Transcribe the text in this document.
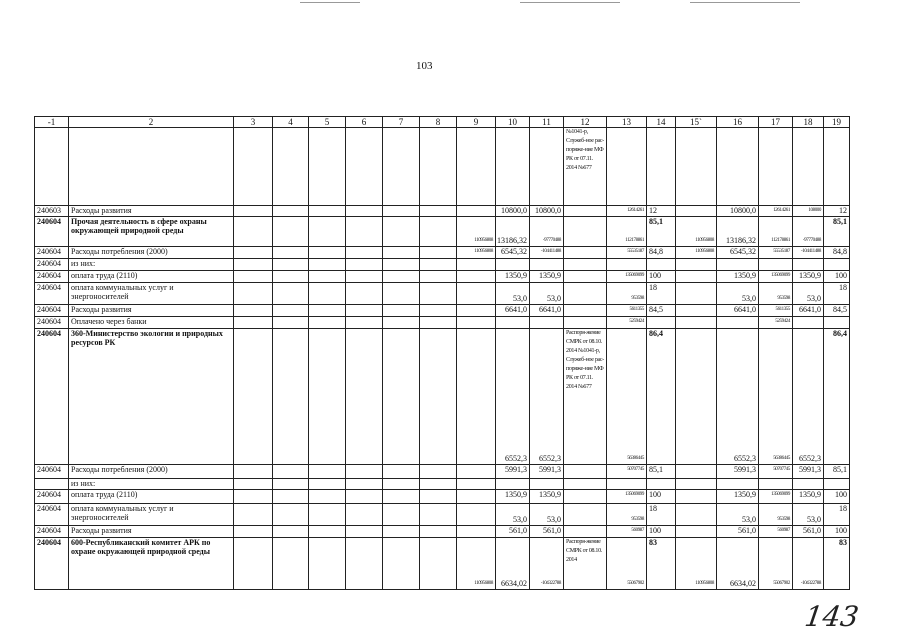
103
143
-1	2	3	4	5	6	7	8	9	10	11	12	13	14	15`	16	17	18	19
											№1041-р, Служеб-ное рас-поряже-ние МФ РК от 07.11. 2014 №677							
240603	Расходы развития								10800,0	10800,0		12614261	12		10800,0	12614261	108000	12
240604	Прочая деятельность в сфере охраны окружающей природной среды							110956808	13186,32	-97770488		112178861	85,1	110956808	13186,32	112178861	-97770488	85,1
240604	Расходы потребления (2000)							110956808	6545,32	-104411488		55535187	84,8	110956808	6545,32	55535187	-104411488	84,8
240604	из них:																	
240604	оплата труда (2110)								1350,9	1350,9		135069099	100		1350,9	135069099	1350,9	100
240604	оплата коммунальных услуг и энергоносителей								53,0	53,0		953598	18		53,0	953598	53,0	18
240604	Расходы развития								6641,0	6641,0		5611355	84,5		6641,0	5611355	6641,0	84,5
240604	Оплачено через банки											5259424				5259424		
240604	360-Министерство экологии и природных ресурсов РК								6552,3	6552,3	Распоря-жение СМРК от 08.10. 2014 №1041-р, Служеб-ное рас-поряже-ние МФ РК от 07.11. 2014 №677	56386445	86,4		6552,3	56386445	6552,3	86,4
240604	Расходы потребления (2000)								5991,3	5991,3		50707745	85,1		5991,3	50707745	5991,3	85,1
	из них:																	
240604	оплата труда (2110)								1350,9	1350,9		135069099	100		1350,9	135069099	1350,9	100
240604	оплата коммунальных услуг и энергоносителей								53,0	53,0		953598	18		53,0	953598	53,0	18
240604	Расходы развития								561,0	561,0		560987	100		561,0	560987	561,0	100
240604	600-Республиканский комитет АРК по охране окружающей природной среды							110956808	6634,02	-104322788	Распоря-жение СМРК от 08.10. 2014	55067902	83	110956808	6634,02	55067902	-104322788	83
